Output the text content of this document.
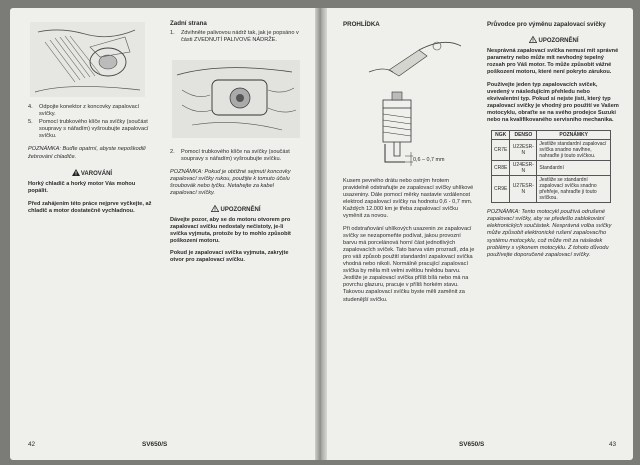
4.	Odpojte konektor z koncovky zapalovací svíčky.
5.	Pomocí trubkového klíče na svíčky (součást soupravy s nářadím) vyšroubujte zapalovací svíčku.

POZNÁMKA: Buďte opatrní, abyste nepoškodili žebrování chladiče.

VAROVÁNÍ

Horký chladič a horký motor Vás mohou popálit.

Před zahájením této práce nejprve vyčkejte, až chladič a motor dostatečně vychladnou.

Zadní strana
1.	Zdvihněte palivovou nádrž tak, jak je popsáno v části ZVEDNUTÍ PALIVOVÉ NÁDRŽE.
2.	Pomocí trubkového klíče na svíčky (součást soupravy s nářadím) vyšroubujte svíčku.

POZNÁMKA: Pokud je obtížné sejmutí koncovky zapalovací svíčky rukou, použijte k tomuto účelu šroubovák nebo tyčku. Netahejte za kabel zapalovací svíčky.

UPOZORNĚNÍ

Dávejte pozor, aby se do motoru otvorem pro zapalovací svíčku nedostaly nečistoty, je-li svíčka vyjmuta, protože by to mohlo způsobit poškození motoru.

Pokud je zapalovací svíčka vyjmuta, zakryjte otvor pro zapalovací svíčku.

42	SV650/S
PROHLÍDKA
0,6 – 0,7 mm

Kusem pevného drátu nebo ostrým hrotem pravidelně odstraňujte ze zapalovací svíčky uhlíkové usazeniny. Dále pomocí měrky nastavte vzdálenost elektrod zapalovací svíčky na hodnotu 0,6 - 0,7 mm. Každých 12.000 km je třeba zapalovací svíčku vyměnit za novou.

Při odstraňování uhlíkových usazenin ze zapalovací svíčky se nezapomeňte podívat, jakou provozní barvu má porcelánová horní část jednotlivých zapalovacích svíček. Tato barva vám prozradí, zda je pro váš způsob použití standardní zapalovací svíčka vhodná nebo nikoli. Normálně pracující zapalovací svíčka by měla mít velmi světlou hnědou barvu. Jestliže je zapalovací svíčka příliš bílá nebo má na povrchu glazuru, pracuje v příliš horkém stavu. Takovou zapalovací svíčku byste měli zaměnit za studenější svíčku.

Průvodce pro výměnu zapalovací svíčky
UPOZORNĚNÍ

Nesprávná zapalovací svíčka nemusí mít správné parametry nebo může mít nevhodný tepelný rozsah pro Váš motor. To může způsobit vážné poškození motoru, které není pokryto zárukou.

Používejte jeden typ zapalovacích svíček, uvedený v následujícím přehledu nebo ekvivalentní typ. Pokud si nejste jisti, který typ zapalovací svíčky je vhodný pro použití ve Vašem motocyklu, obraťte se na svého prodejce Suzuki nebo na kvalifikovaného servisního mechanika.

NGK	DENSO	POZNÁMKY
CR7E	U22ESR-N	Jestliže standardní zapalovací svíčka snadno navlhne, nahraďte ji touto svíčkou.
CR8E	U24ESR-N	Standardní
CR9E	U27ESR-N	Jestliže se standardní zapalovací svíčka snadno přehřeje, nahraďte ji touto svíčkou.

POZNÁMKA: Tento motocykl používá odrušené zapalovací svíčky, aby se předešlo zablokování elektronických součástek. Nesprávná volba svíčky může způsobit elektronické rušení zapalovacího systému motocyklu, což může mít za následek problémy s výkonem motocyklu. Z tohoto důvodu používejte doporučené zapalovací svíčky.

SV650/S	43
